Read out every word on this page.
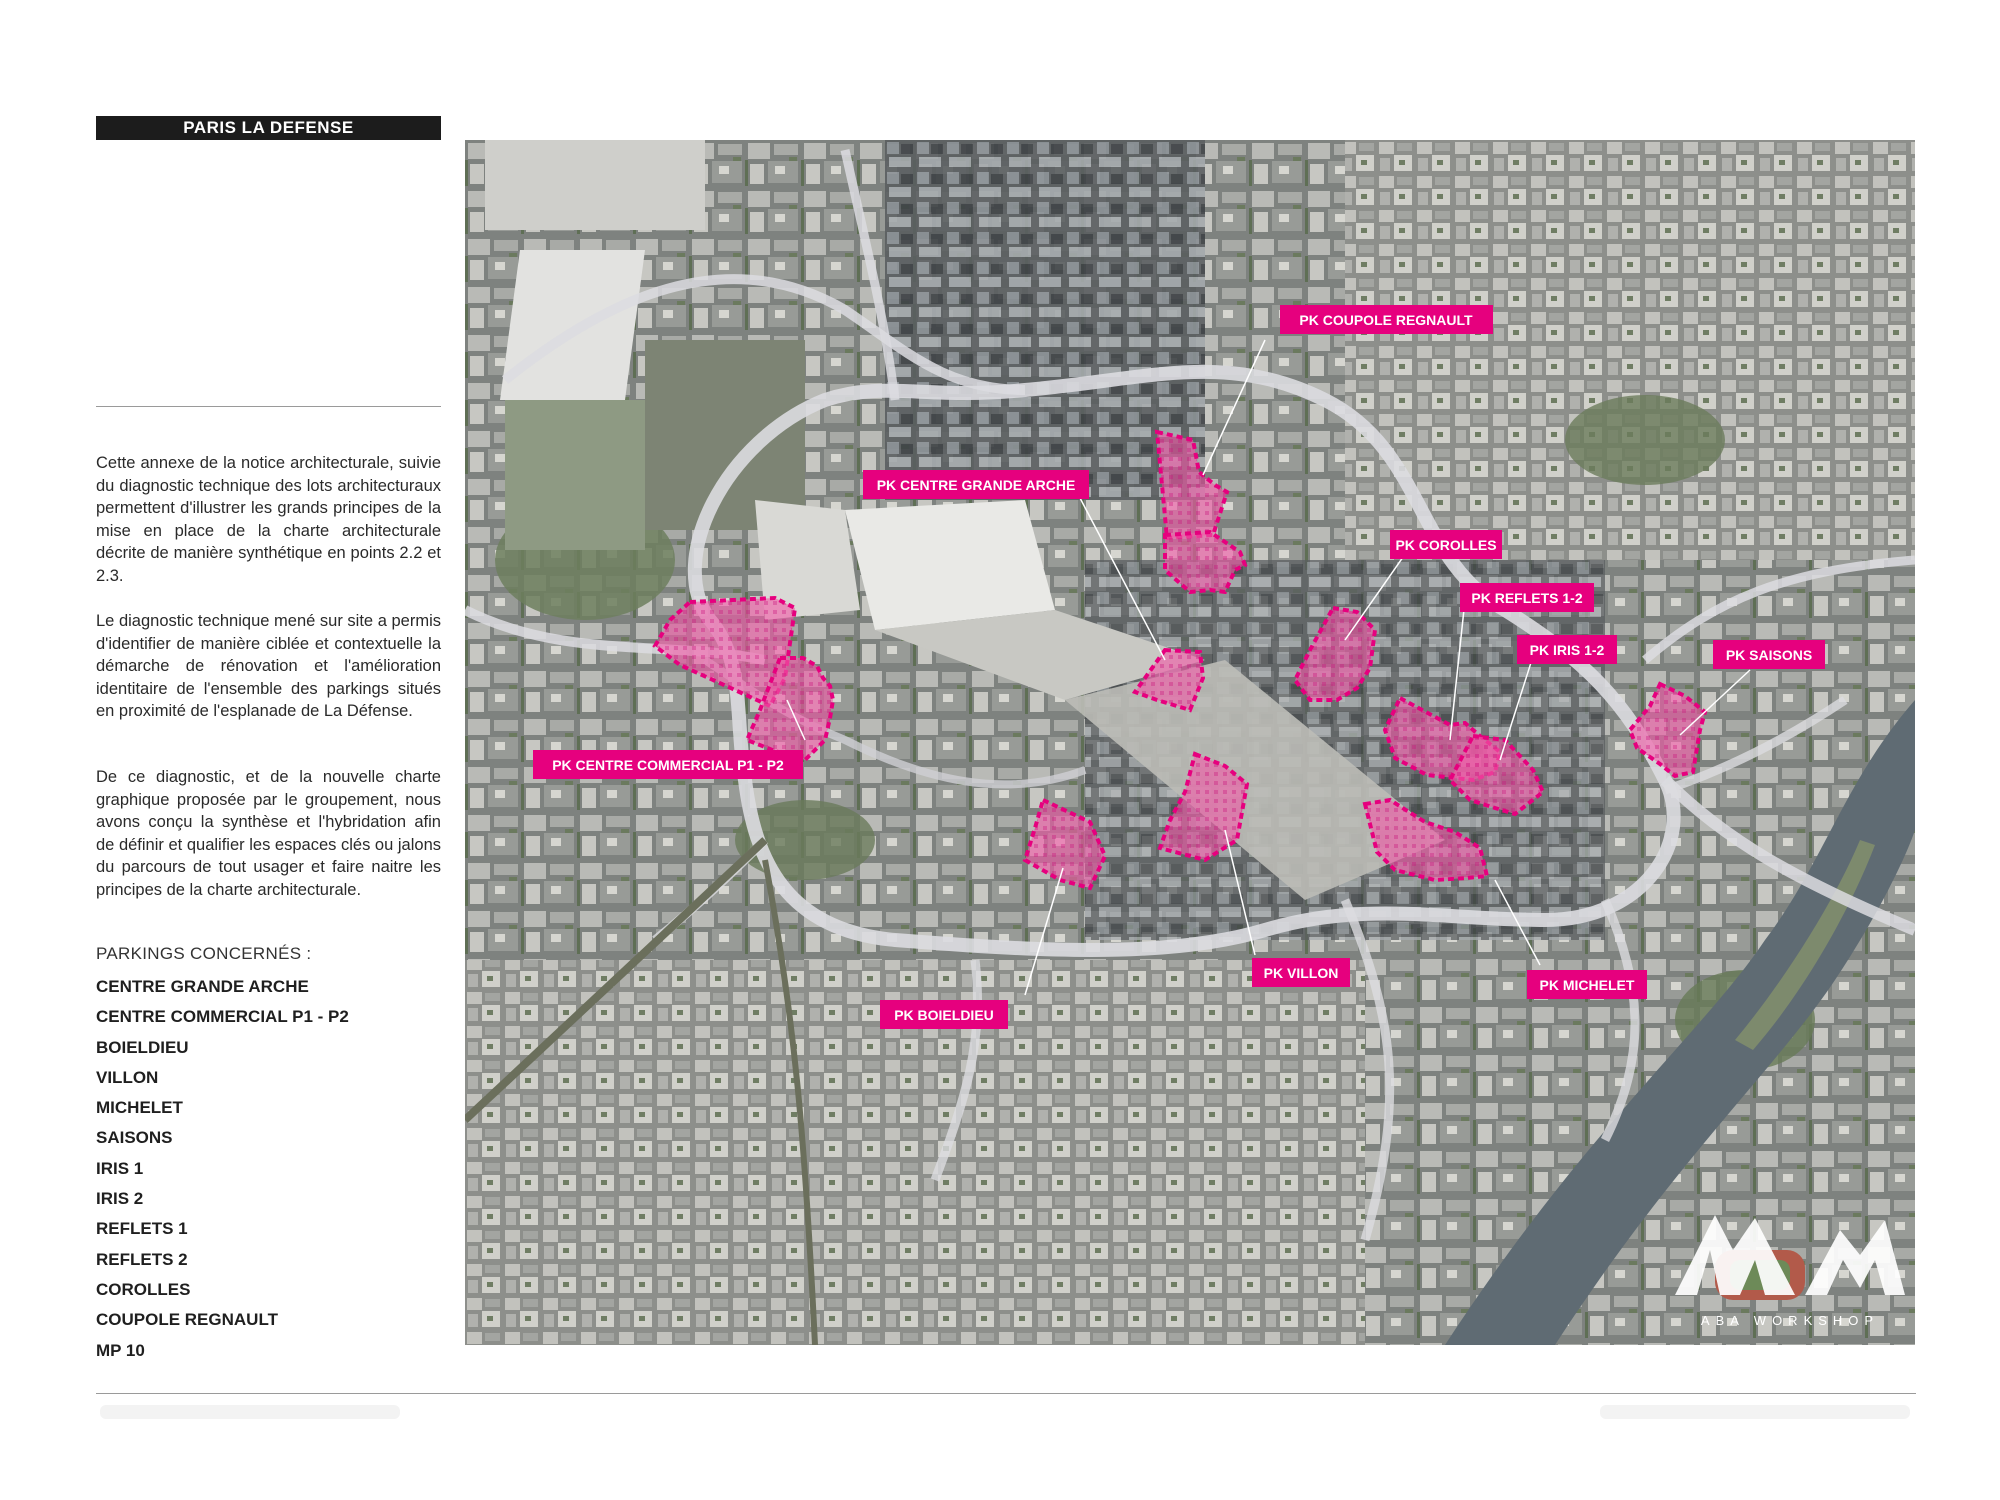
PARIS LA DEFENSE
Cette annexe de la notice architecturale, suivie du diagnostic technique des lots architecturaux permettent d'illustrer les grands principes de la mise en place de la charte architecturale décrite de manière synthétique en points 2.2 et 2.3.
Le diagnostic technique mené sur site a permis d'identifier de manière ciblée et contextuelle la démarche de rénovation et l'amélioration identitaire de l'ensemble des parkings situés en proximité de l'esplanade de La Défense.
De ce diagnostic, et de la nouvelle charte graphique proposée par le groupement, nous avons conçu la synthèse et l'hybridation afin de définir et qualifier les espaces clés ou jalons du parcours de tout usager et faire naitre les principes de la charte architecturale.
PARKINGS CONCERNÉS :
CENTRE GRANDE ARCHE
CENTRE COMMERCIAL P1 - P2
BOIELDIEU
VILLON
MICHELET
SAISONS
IRIS 1
IRIS 2
REFLETS 1
REFLETS 2
COROLLES
COUPOLE REGNAULT
MP 10
PK COUPOLE REGNAULT
PK CENTRE GRANDE ARCHE
PK COROLLES
PK REFLETS 1-2
PK IRIS 1-2	PK SAISONS
PK CENTRE COMMERCIAL P1 - P2
PK VILLON
PK MICHELET
PK BOIELDIEU
ABA WORKSHOP
